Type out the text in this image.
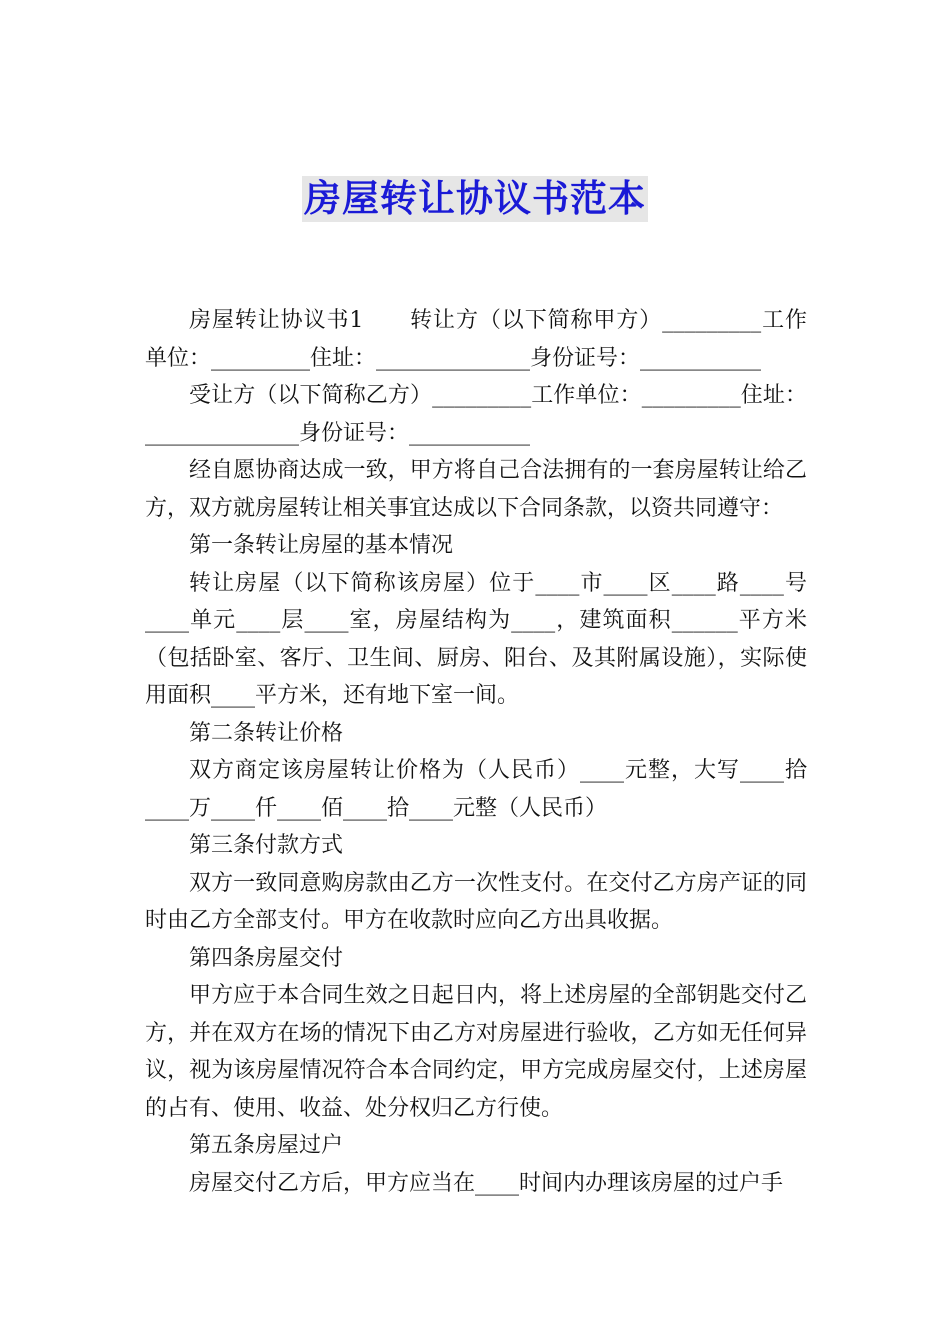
房屋转让协议书范本

房屋转让协议书1　　转让方（以下简称甲方）_________工作单位：_________住址：______________身份证号：___________

受让方（以下简称乙方）_________工作单位：_________住址：______________身份证号：___________

经自愿协商达成一致，甲方将自己合法拥有的一套房屋转让给乙方，双方就房屋转让相关事宜达成以下合同条款，以资共同遵守：

第一条转让房屋的基本情况

转让房屋（以下简称该房屋）位于____市____区____路____号____单元____层____室，房屋结构为____，建筑面积______平方米（包括卧室、客厅、卫生间、厨房、阳台、及其附属设施），实际使用面积____平方米，还有地下室一间。

第二条转让价格

双方商定该房屋转让价格为（人民币）____元整，大写____拾____万____仟____佰____拾____元整（人民币）

第三条付款方式

双方一致同意购房款由乙方一次性支付。在交付乙方房产证的同时由乙方全部支付。甲方在收款时应向乙方出具收据。

第四条房屋交付

甲方应于本合同生效之日起日内，将上述房屋的全部钥匙交付乙方，并在双方在场的情况下由乙方对房屋进行验收，乙方如无任何异议，视为该房屋情况符合本合同约定，甲方完成房屋交付，上述房屋的占有、使用、收益、处分权归乙方行使。

第五条房屋过户

房屋交付乙方后，甲方应当在____时间内办理该房屋的过户手
